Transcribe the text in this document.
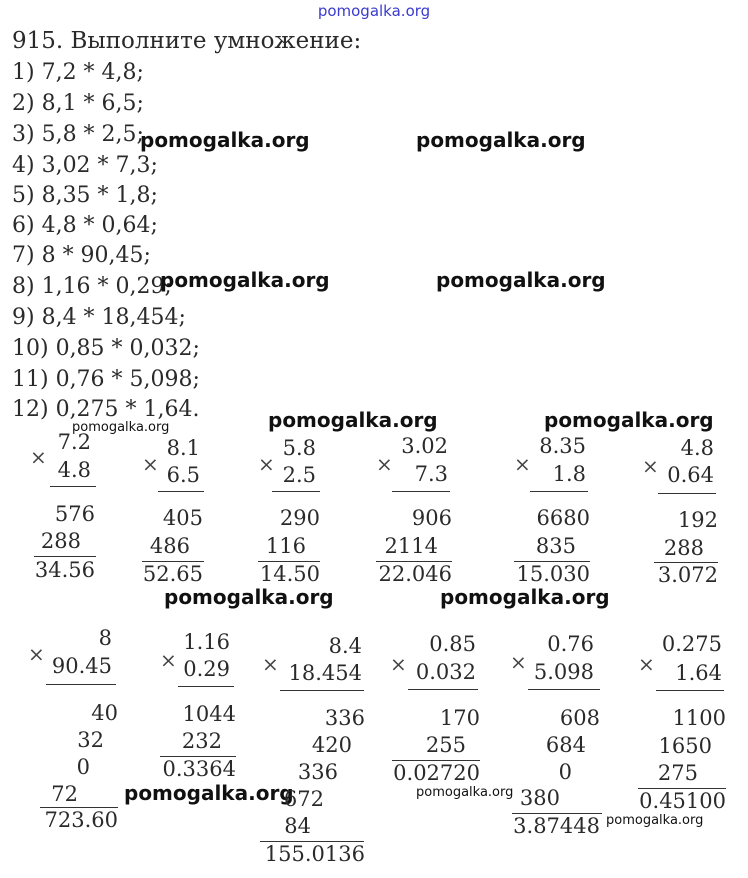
pomogalka.org
915. Выполните умножение:
1) 7,2 * 4,8;
2) 8,1 * 6,5;
3) 5,8 * 2,5;
4) 3,02 * 7,3;
5) 8,35 * 1,8;
6) 4,8 * 0,64;
7) 8 * 90,45;
8) 1,16 * 0,29;
9) 8,4 * 18,454;
10) 0,85 * 0,032;
11) 0,76 * 5,098;
12) 0,275 * 1,64.
pomogalka.org	pomogalka.org
pomogalka.org	pomogalka.org
pomogalka.org	pomogalka.org
pomogalka.org	pomogalka.org
pomogalka.org
pomogalka.org
pomogalka.org
pomogalka.org
×
7.2
4.8
576
288
34.56
×
8.1
6.5
405
486
52.65
×
5.8
2.5
290
116
14.50
×
3.02
7.3
906
2114
22.046
×
8.35
1.8
6680
835
15.030
×
4.8
0.64
192
288
3.072
×
8
90.45
40
32
0
72
723.60
×
1.16
0.29
1044
232
0.3364
×
8.4
18.454
336
420
336
672
84
155.0136
×
0.85
0.032
170
255
0.02720
×
0.76
5.098
608
684
0
380
3.87448
×
0.275
1.64
1100
1650
275
0.45100
